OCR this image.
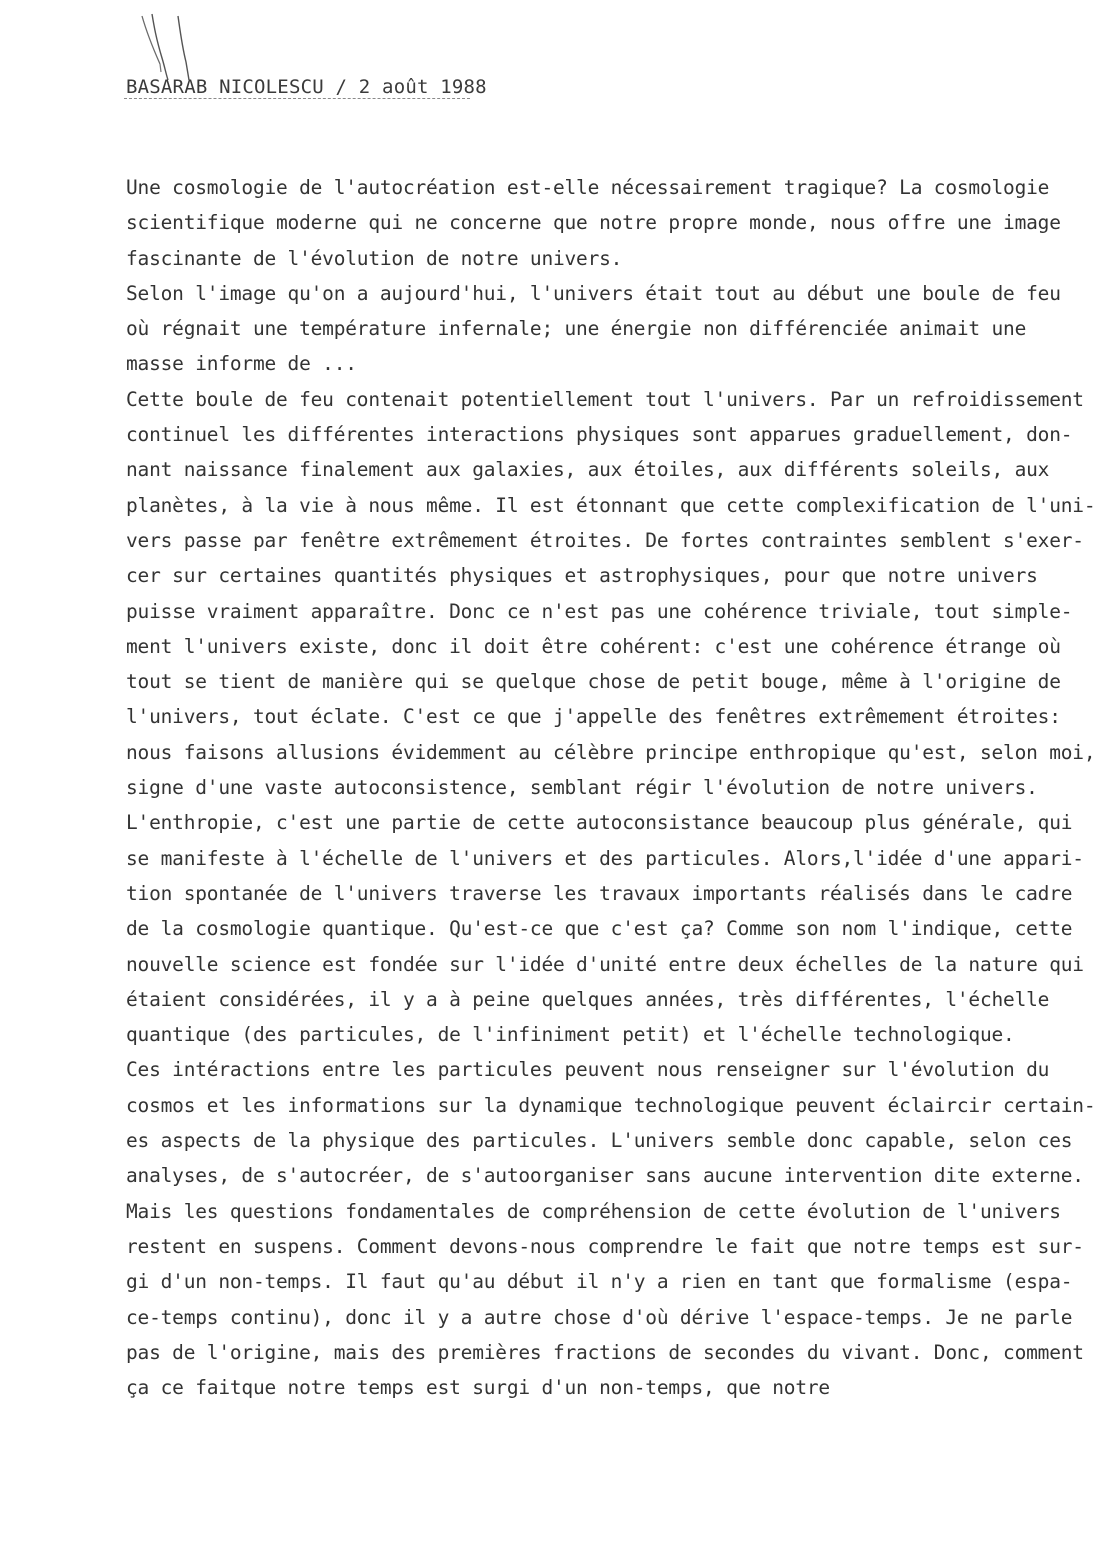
BASARAB NICOLESCU / 2 août 1988
Une cosmologie de l'autocréation est-elle nécessairement tragique? La cosmologie
scientifique moderne qui ne concerne que notre propre monde, nous offre une image
fascinante de l'évolution de notre univers.
Selon l'image qu'on a aujourd'hui, l'univers était tout au début une boule de feu
où régnait une température infernale; une énergie non différenciée animait une
masse informe de ...
Cette boule de feu contenait potentiellement tout l'univers. Par un refroidissement
continuel les différentes interactions physiques sont apparues graduellement, don-
nant naissance finalement aux galaxies, aux étoiles, aux différents soleils, aux
planètes, à la vie à nous même. Il est étonnant que cette complexification de l'uni-
vers passe par fenêtre extrêmement étroites. De fortes contraintes semblent s'exer-
cer sur certaines quantités physiques et astrophysiques, pour que notre univers
puisse vraiment apparaître. Donc ce n'est pas une cohérence triviale, tout simple-
ment l'univers existe, donc il doit être cohérent: c'est une cohérence étrange où
tout se tient de manière qui se quelque chose de petit bouge, même à l'origine de
l'univers, tout éclate. C'est ce que j'appelle des fenêtres extrêmement étroites:
nous faisons allusions évidemment au célèbre principe enthropique qu'est, selon moi,
signe d'une vaste autoconsistence, semblant régir l'évolution de notre univers.
L'enthropie, c'est une partie de cette autoconsistance beaucoup plus générale, qui
se manifeste à l'échelle de l'univers et des particules. Alors,l'idée d'une appari-
tion spontanée de l'univers traverse les travaux importants réalisés dans le cadre
de la cosmologie quantique. Qu'est-ce que c'est ça? Comme son nom l'indique, cette
nouvelle science est fondée sur l'idée d'unité entre deux échelles de la nature qui
étaient considérées, il y a à peine quelques années, très différentes, l'échelle
quantique (des particules, de l'infiniment petit) et l'échelle technologique.
Ces intéractions entre les particules peuvent nous renseigner sur l'évolution du
cosmos et les informations sur la dynamique technologique peuvent éclaircir certain-
es aspects de la physique des particules. L'univers semble donc capable, selon ces
analyses, de s'autocréer, de s'autoorganiser sans aucune intervention dite externe.
Mais les questions fondamentales de compréhension de cette évolution de l'univers
restent en suspens. Comment devons-nous comprendre le fait que notre temps est sur-
gi d'un non-temps. Il faut qu'au début il n'y a rien en tant que formalisme (espa-
ce-temps continu), donc il y a autre chose d'où dérive l'espace-temps. Je ne parle
pas de l'origine, mais des premières fractions de secondes du vivant. Donc, comment
ça ce faitque notre temps est surgi d'un non-temps, que notre
